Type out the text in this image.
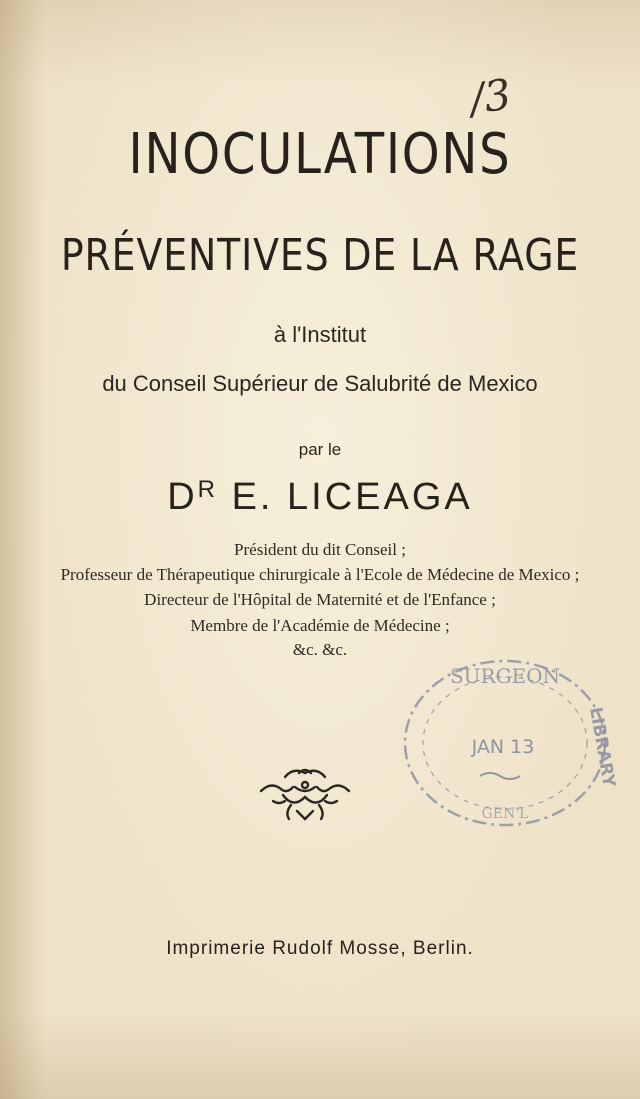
/3
INOCULATIONS
PRÉVENTIVES DE LA RAGE
à l'Institut
du Conseil Supérieur de Salubrité de Mexico
par le
$D^R$ E. LICEAGA
Président du dit Conseil ;
Professeur de Thérapeutique chirurgicale à l'Ecole de Médecine de Mexico ;
Directeur de l'Hôpital de Maternité et de l'Enfance ;
Membre de l'Académie de Médecine ;
&c. &c.
SURGEON
LIBRARY
JAN 13
GEN'L
Imprimerie Rudolf Mosse, Berlin.
